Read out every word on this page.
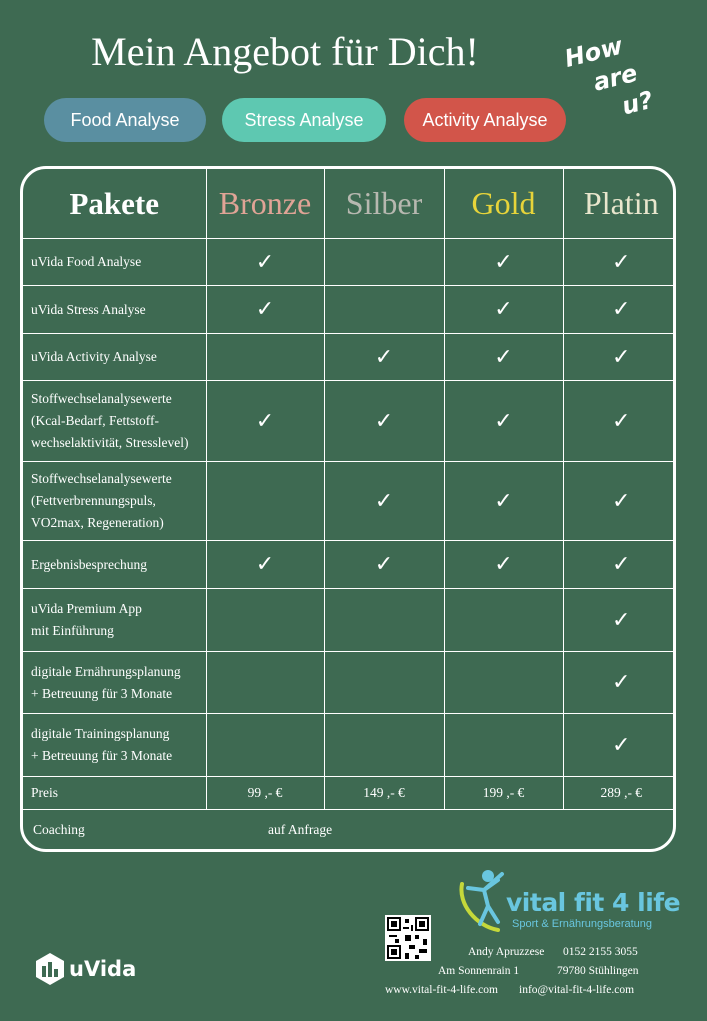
Mein Angebot für Dich!	How
are
u?
Food Analyse	Stress Analyse	Activity Analyse
Pakete	Bronze	Silber	Gold	Platin
uVida Food Analyse	✓		✓	✓
uVida Stress Analyse	✓		✓	✓
uVida Activity Analyse		✓	✓	✓
Stoffwechselanalysewerte
(Kcal-Bedarf, Fettstoff-
wechselaktivität, Stresslevel)	✓	✓	✓	✓
Stoffwechselanalysewerte
(Fettverbrennungspuls,
VO2max, Regeneration)		✓	✓	✓
Ergebnisbesprechung	✓	✓	✓	✓
uVida Premium App
mit Einführung				✓
digitale Ernährungsplanung
+ Betreuung für 3 Monate				✓
digitale Trainingsplanung
+ Betreuung für 3 Monate				✓
Preis	99 ,- €	149 ,- €	199 ,- €	289 ,- €
Coaching auf Anfrage				
vital fit 4 life
Sport & Ernährungsberatung
Andy Apruzzese 0152 2155 3055
Am Sonnenrain 1	79780 Stühlingen
www.vital-fit-4-life.com info@vital-fit-4-life.com
uVida
